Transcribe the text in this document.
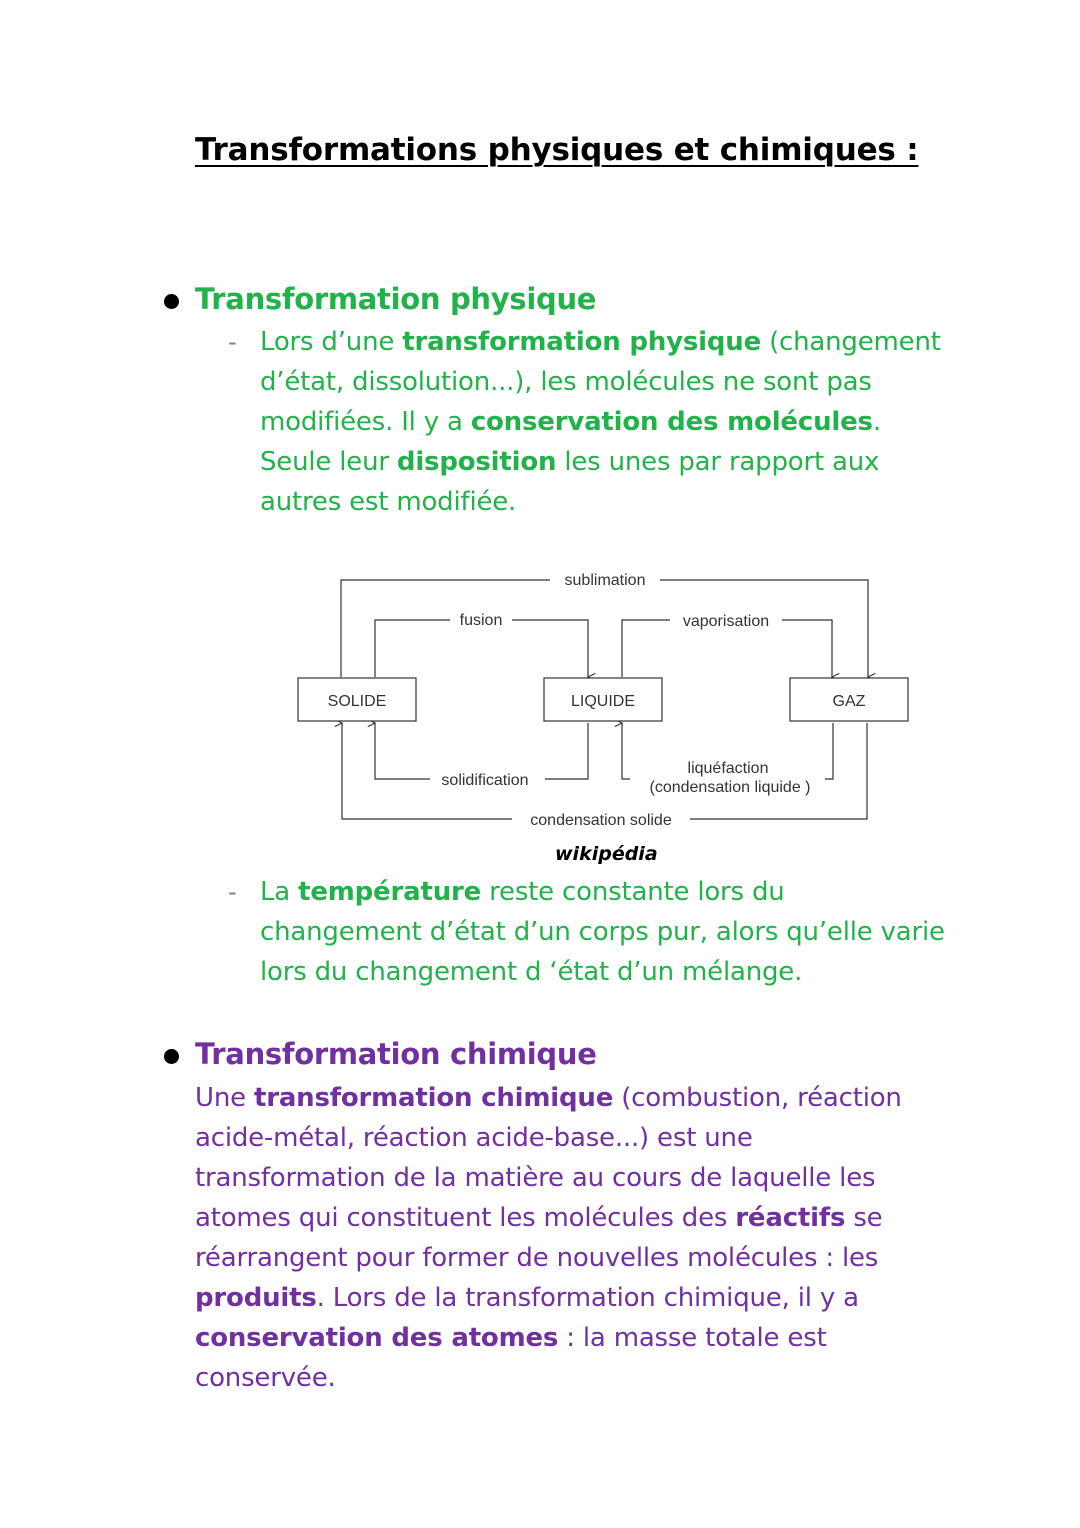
Transformations physiques et chimiques :
Transformation physique
- Lors d’une transformation physique (changement d’état, dissolution...), les molécules ne sont pas modifiées. Il y a conservation des molécules. Seule leur disposition les unes par rapport aux autres est modifiée.

SOLIDE	LIQUIDE	GAZ
sublimation
fusion	vaporisation
solidification
liquéfaction
(condensation liquide )
condensation solide

wikipédia

- La température reste constante lors du changement d’état d’un corps pur, alors qu’elle varie lors du changement d ‘état d’un mélange.

Transformation chimique

Une transformation chimique (combustion, réaction acide-métal, réaction acide-base...) est une transformation de la matière au cours de laquelle les atomes qui constituent les molécules des réactifs se réarrangent pour former de nouvelles molécules : les produits. Lors de la transformation chimique, il y a conservation des atomes : la masse totale est conservée.
